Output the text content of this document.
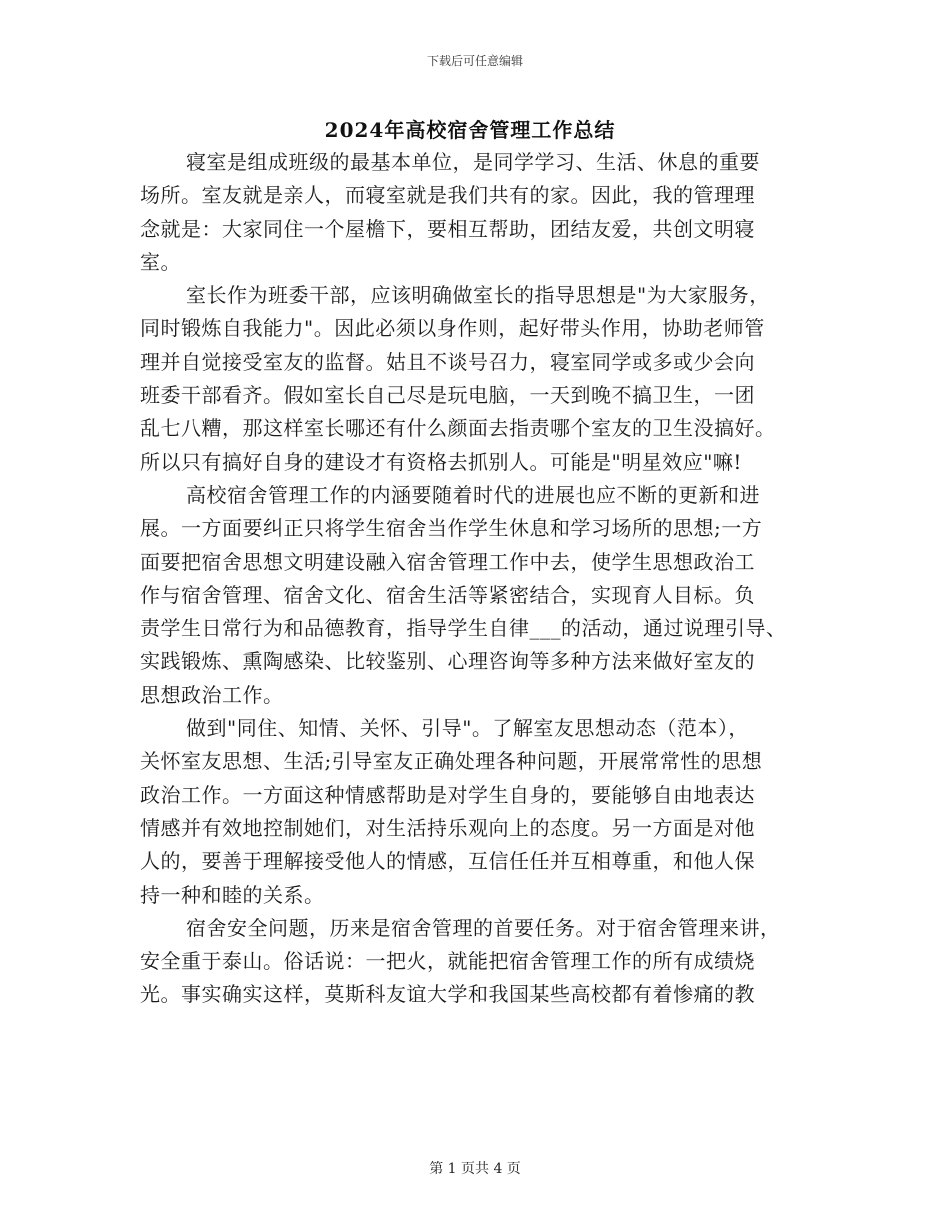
下载后可任意编辑
2024年高校宿舍管理工作总结
寝室是组成班级的最基本单位，是同学学习、生活、休息的重要
场所。室友就是亲人，而寝室就是我们共有的家。因此，我的管理理
念就是：大家同住一个屋檐下，要相互帮助，团结友爱，共创文明寝
室。
室长作为班委干部，应该明确做室长的指导思想是"为大家服务，
同时锻炼自我能力"。因此必须以身作则，起好带头作用，协助老师管
理并自觉接受室友的监督。姑且不谈号召力，寝室同学或多或少会向
班委干部看齐。假如室长自己尽是玩电脑，一天到晚不搞卫生，一团
乱七八糟，那这样室长哪还有什么颜面去指责哪个室友的卫生没搞好。
所以只有搞好自身的建设才有资格去抓别人。可能是"明星效应"嘛!
高校宿舍管理工作的内涵要随着时代的进展也应不断的更新和进
展。一方面要纠正只将学生宿舍当作学生休息和学习场所的思想;一方
面要把宿舍思想文明建设融入宿舍管理工作中去，使学生思想政治工
作与宿舍管理、宿舍文化、宿舍生活等紧密结合，实现育人目标。负
责学生日常行为和品德教育，指导学生自律___的活动，通过说理引导、
实践锻炼、熏陶感染、比较鉴别、心理咨询等多种方法来做好室友的
思想政治工作。
做到"同住、知情、关怀、引导"。了解室友思想动态（范本），
关怀室友思想、生活;引导室友正确处理各种问题，开展常常性的思想
政治工作。一方面这种情感帮助是对学生自身的，要能够自由地表达
情感并有效地控制她们，对生活持乐观向上的态度。另一方面是对他
人的，要善于理解接受他人的情感，互信任任并互相尊重，和他人保
持一种和睦的关系。
宿舍安全问题，历来是宿舍管理的首要任务。对于宿舍管理来讲，
安全重于泰山。俗话说：一把火，就能把宿舍管理工作的所有成绩烧
光。事实确实这样，莫斯科友谊大学和我国某些高校都有着惨痛的教
第 1 页共 4 页
